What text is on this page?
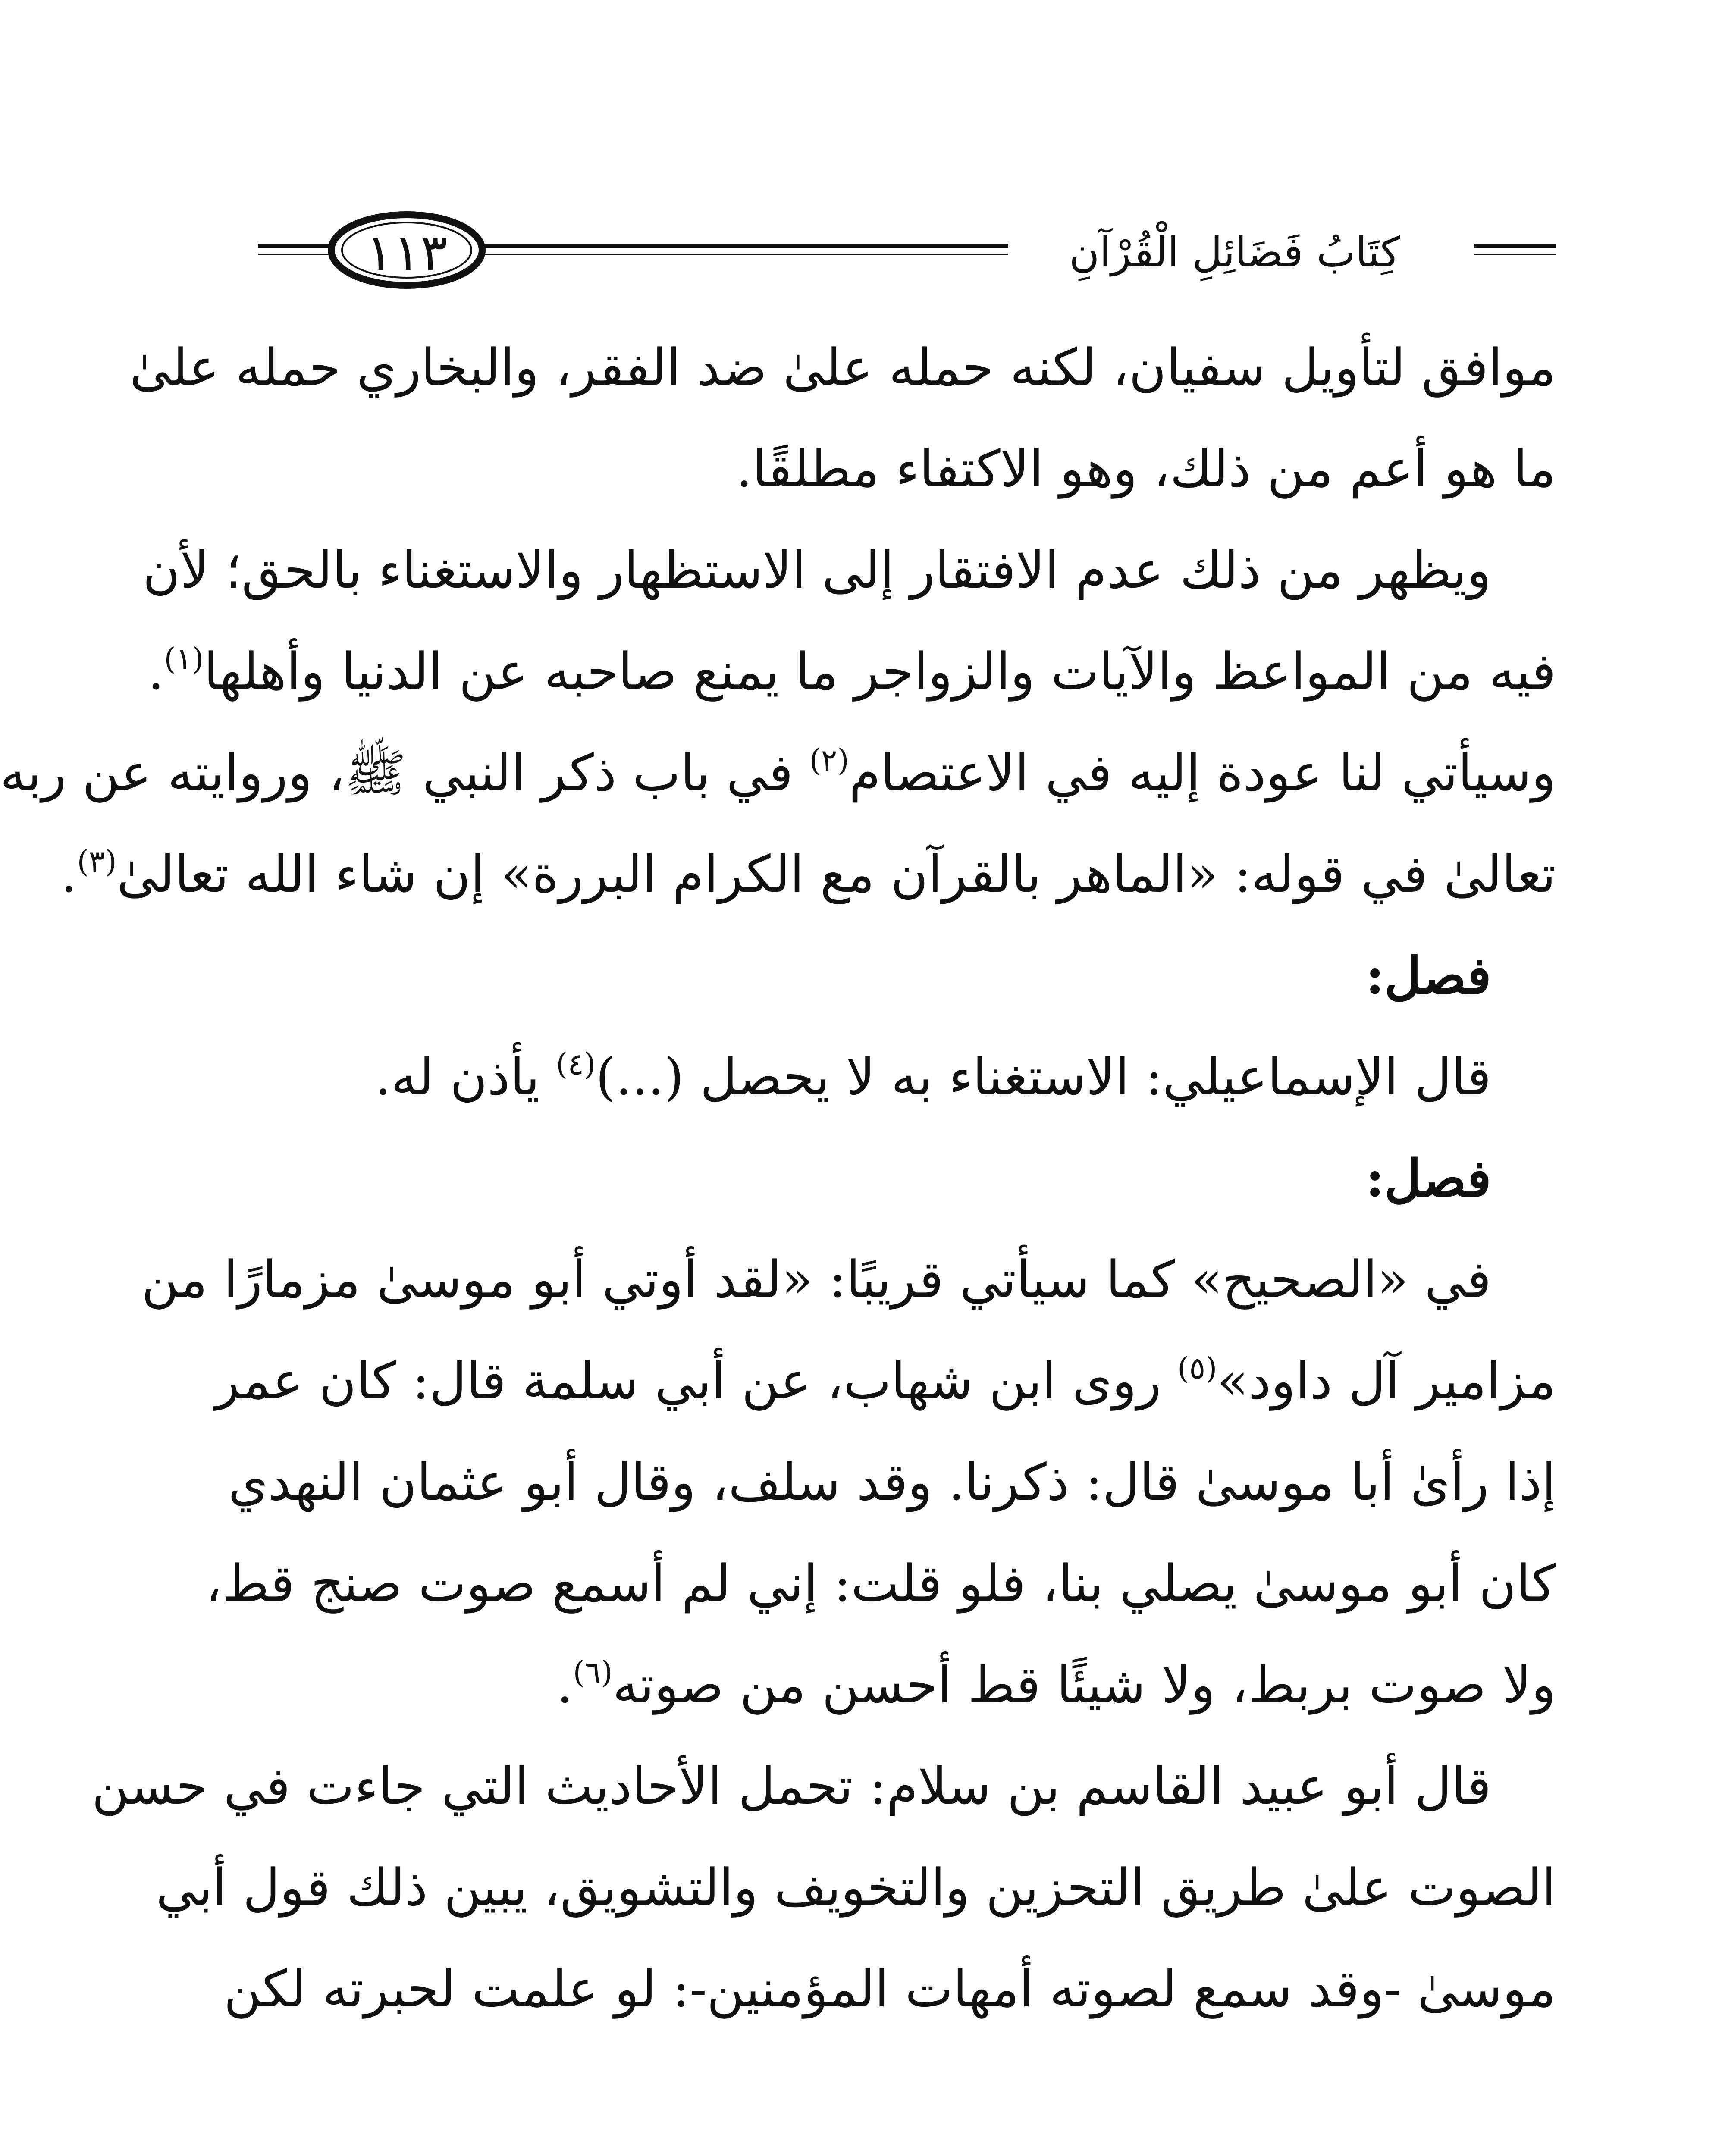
١١٣	كِتَابُ فَضَائِلِ الْقُرْآنِ
موافق لتأويل سفيان، لكنه حمله علىٰ ضد الفقر، والبخاري حمله علىٰ
ما هو أعم من ذلك، وهو الاكتفاء مطلقًا.
ويظهر من ذلك عدم الافتقار إلى الاستظهار والاستغناء بالحق؛ لأن
فيه من المواعظ والآيات والزواجر ما يمنع صاحبه عن الدنيا وأهلها$^{(١)}$.
وسيأتي لنا عودة إليه في الاعتصام$^{(٢)}$ في باب ذكر النبي ﷺ، وروايته عن ربه
تعالىٰ في قوله: «الماهر بالقرآن مع الكرام البررة» إن شاء الله تعالىٰ$^{(٣)}$.
فصل:
قال الإسماعيلي: الاستغناء به لا يحصل (...)$^{(٤)}$ يأذن له.
فصل:
في «الصحيح» كما سيأتي قريبًا: «لقد أوتي أبو موسىٰ مزمارًا من
مزامير آل داود»$^{(٥)}$ روى ابن شهاب، عن أبي سلمة قال: كان عمر
إذا رأىٰ أبا موسىٰ قال: ذكرنا. وقد سلف، وقال أبو عثمان النهدي
كان أبو موسىٰ يصلي بنا، فلو قلت: إني لم أسمع صوت صنج قط،
ولا صوت بربط، ولا شيئًا قط أحسن من صوته$^{(٦)}$.
قال أبو عبيد القاسم بن سلام: تحمل الأحاديث التي جاءت في حسن
الصوت علىٰ طريق التحزين والتخويف والتشويق، يبين ذلك قول أبي
موسىٰ -وقد سمع لصوته أمهات المؤمنين-: لو علمت لحبرته لكن
